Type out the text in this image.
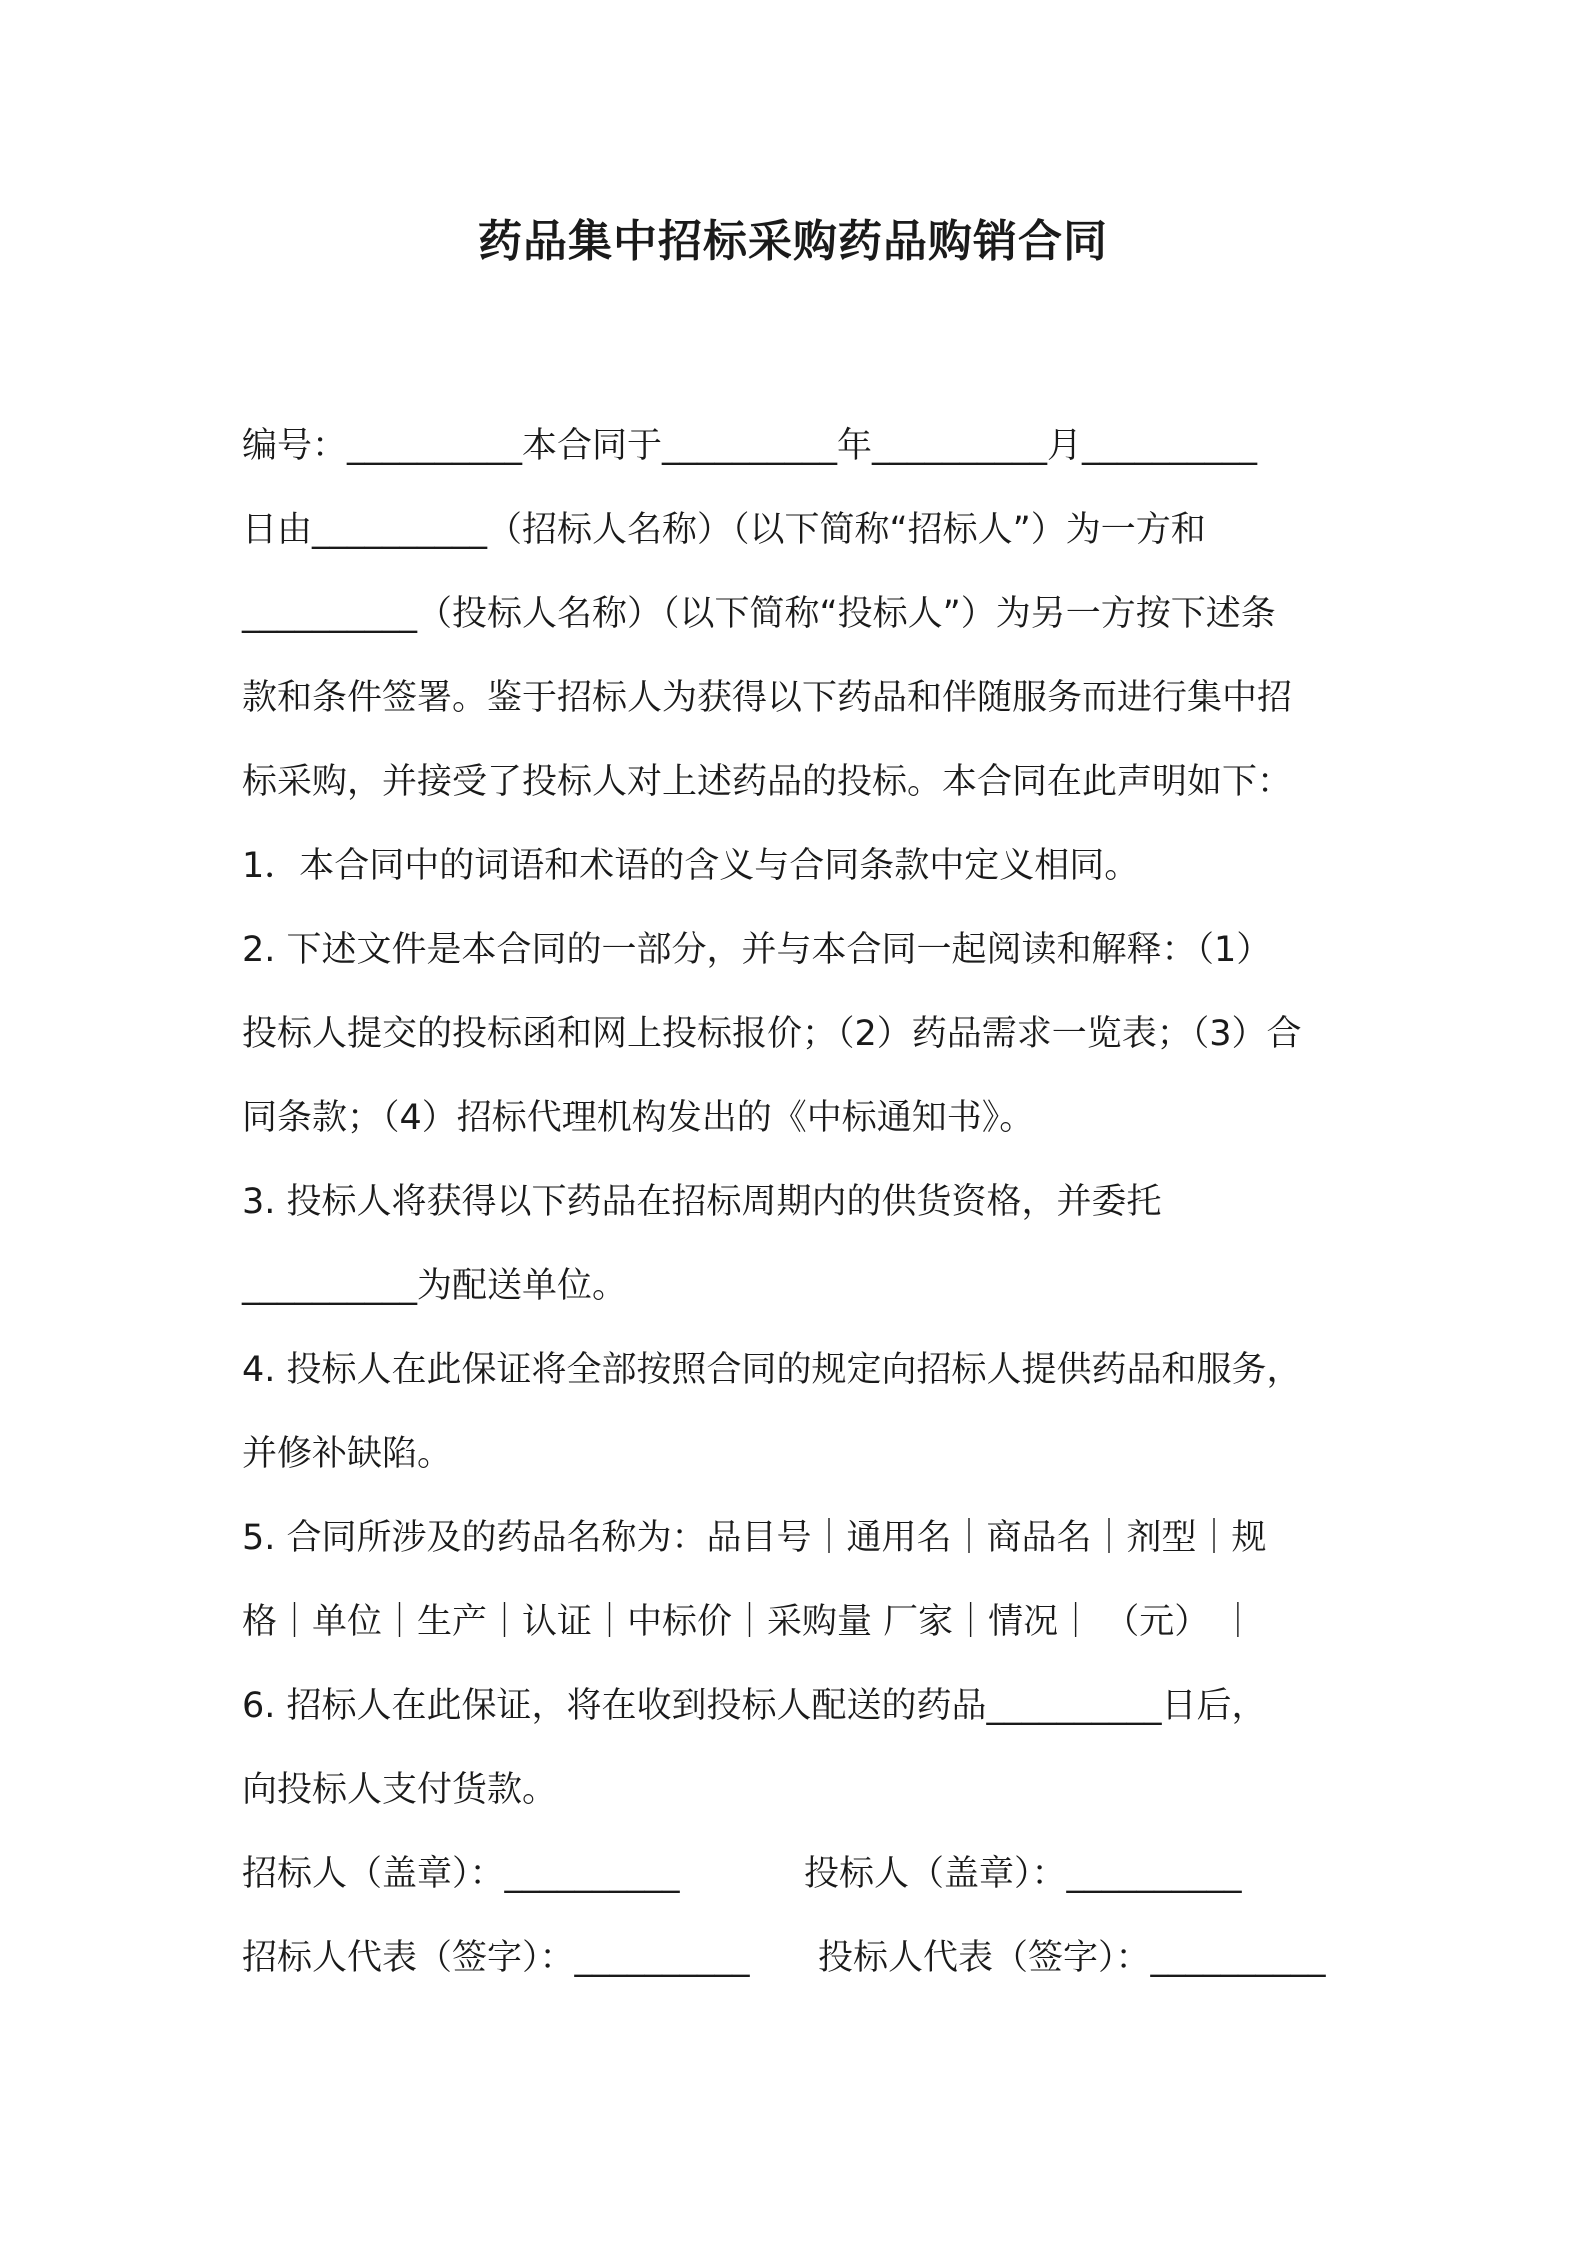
药品集中招标采购药品购销合同
编号：__________本合同于__________年__________月__________
日由__________（招标人名称）（以下简称“招标人”）为一方和
__________（投标人名称）（以下简称“投标人”）为另一方按下述条
款和条件签署。鉴于招标人为获得以下药品和伴随服务而进行集中招
标采购，并接受了投标人对上述药品的投标。本合同在此声明如下：
1．本合同中的词语和术语的含义与合同条款中定义相同。
2. 下述文件是本合同的一部分，并与本合同一起阅读和解释：（1）
投标人提交的投标函和网上投标报价；（2）药品需求一览表；（3）合
同条款；（4）招标代理机构发出的《中标通知书》。
3. 投标人将获得以下药品在招标周期内的供货资格，并委托
__________为配送单位。
4. 投标人在此保证将全部按照合同的规定向招标人提供药品和服务，
并修补缺陷。
5. 合同所涉及的药品名称为：品目号｜通用名｜商品名｜剂型｜规
格｜单位｜生产｜认证｜中标价｜采购量 厂家｜情况｜ （元） ｜
6. 招标人在此保证，将在收到投标人配送的药品__________日后，
向投标人支付货款。
招标人（盖章）：__________	投标人（盖章）：__________
招标人代表（签字）：__________ 投标人代表（签字）：__________
